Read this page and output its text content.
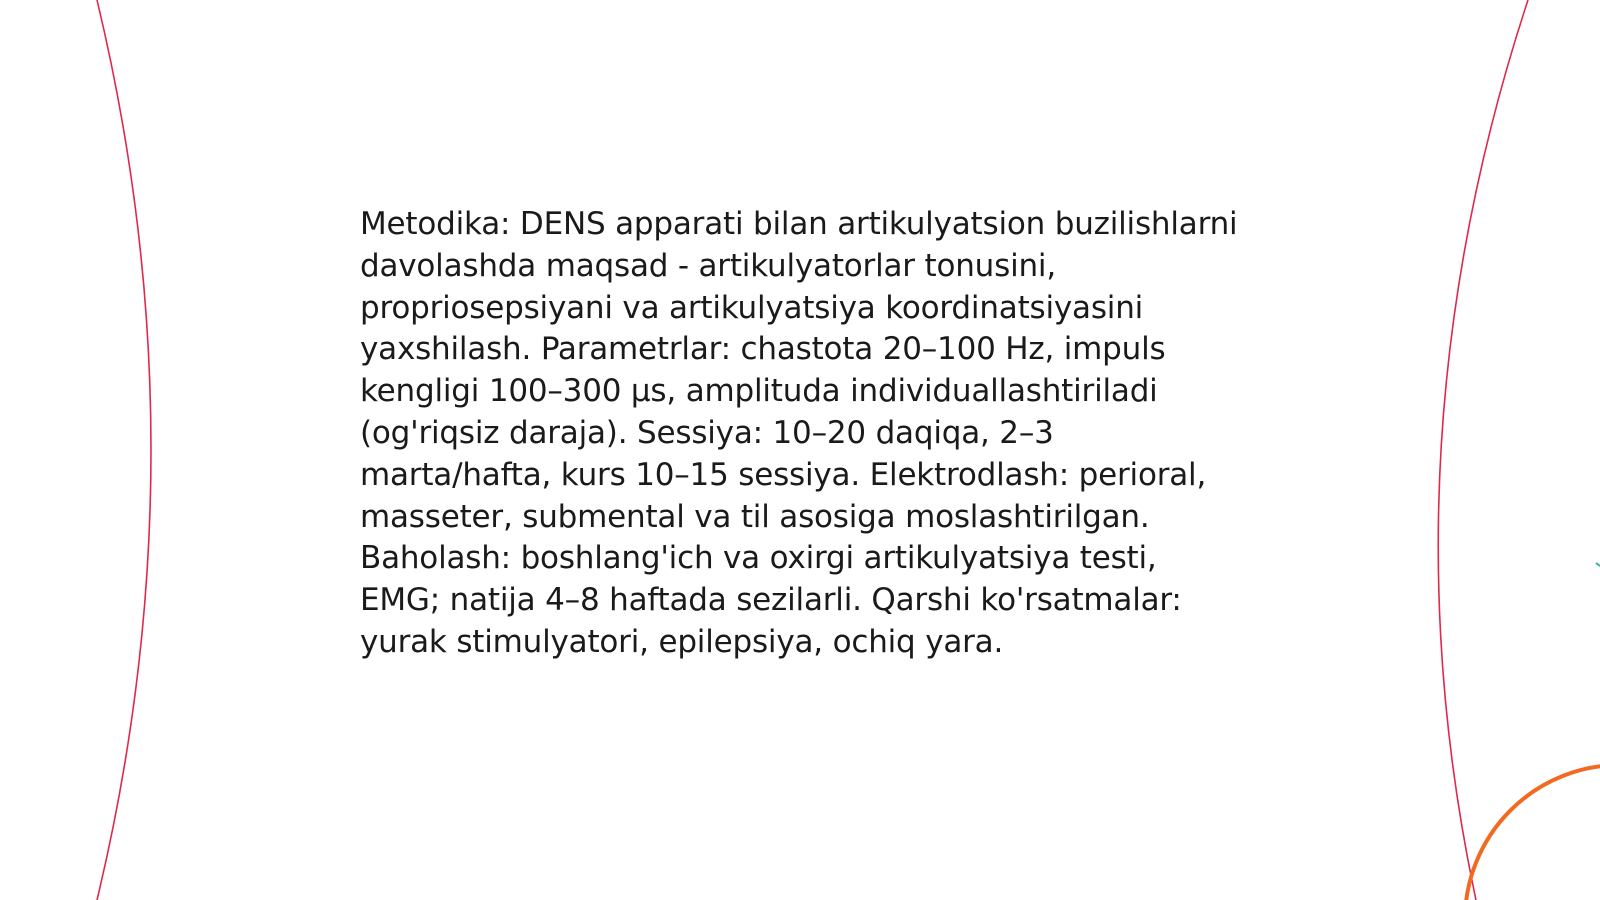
Metodika: DENS apparati bilan artikulyatsion buzilishlarni davolashda maqsad - artikulyatorlar tonusini, propriosepsiyani va artikulyatsiya koordinatsiyasini yaxshilash. Parametrlar: chastota 20–100 Hz, impuls kengligi 100–300 µs, amplituda individuallashtiriladi (og'riqsiz daraja). Sessiya: 10–20 daqiqa, 2–3 marta/hafta, kurs 10–15 sessiya. Elektrodlash: perioral, masseter, submental va til asosiga moslashtirilgan. Baholash: boshlang'ich va oxirgi artikulyatsiya testi, EMG; natija 4–8 haftada sezilarli. Qarshi ko'rsatmalar: yurak stimulyatori, epilepsiya, ochiq yara.
